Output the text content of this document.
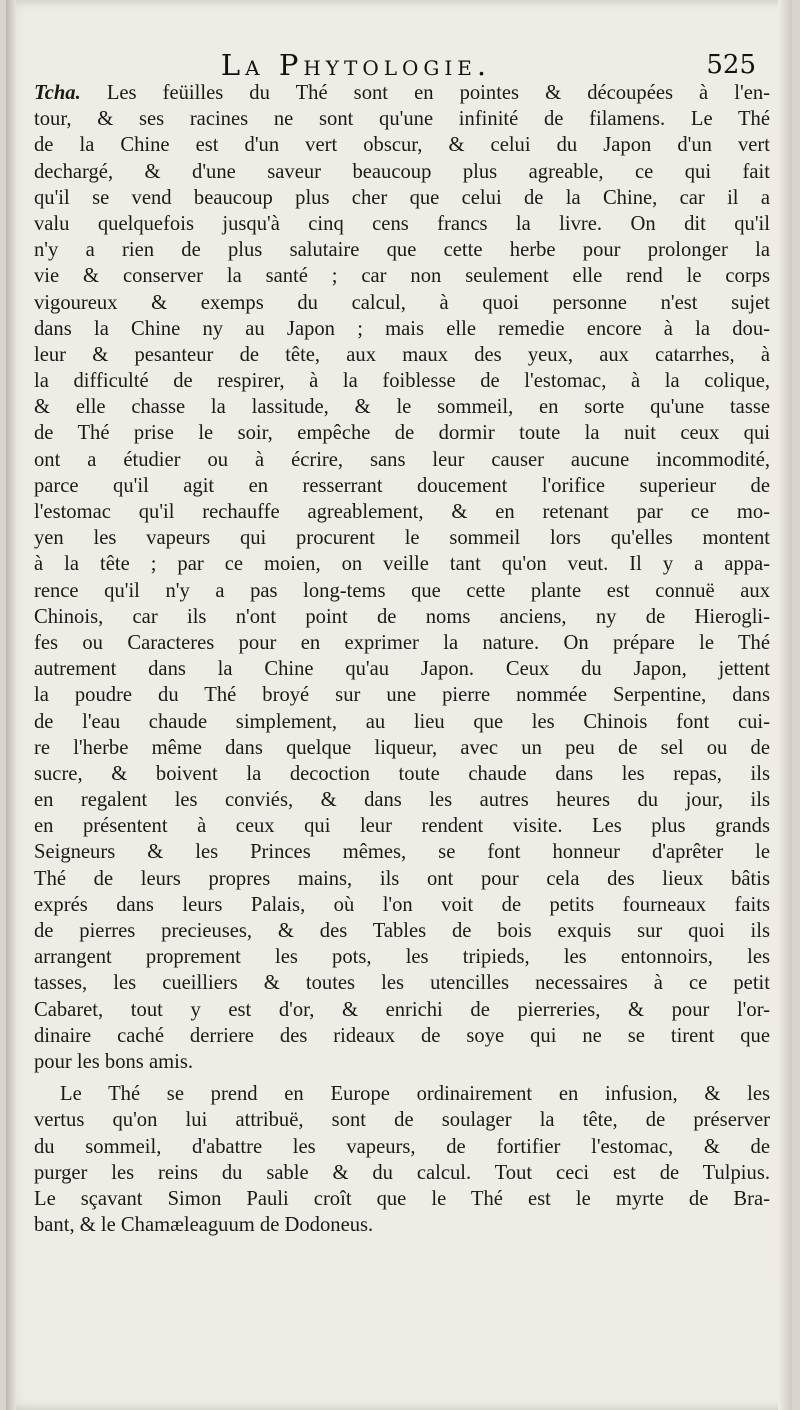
La Phytologie.	525
Tcha. Les feüilles du Thé sont en pointes & découpées à l'en-
tour, & ses racines ne sont qu'une infinité de filamens. Le Thé
de la Chine est d'un vert obscur, & celui du Japon d'un vert
dechargé, & d'une saveur beaucoup plus agreable, ce qui fait
qu'il se vend beaucoup plus cher que celui de la Chine, car il a
valu quelquefois jusqu'à cinq cens francs la livre. On dit qu'il
n'y a rien de plus salutaire que cette herbe pour prolonger la
vie & conserver la santé ; car non seulement elle rend le corps
vigoureux & exemps du calcul, à quoi personne n'est sujet
dans la Chine ny au Japon ; mais elle remedie encore à la dou-
leur & pesanteur de tête, aux maux des yeux, aux catarrhes, à
la difficulté de respirer, à la foiblesse de l'estomac, à la colique,
& elle chasse la lassitude, & le sommeil, en sorte qu'une tasse
de Thé prise le soir, empêche de dormir toute la nuit ceux qui
ont a étudier ou à écrire, sans leur causer aucune incommodité,
parce qu'il agit en resserrant doucement l'orifice superieur de
l'estomac qu'il rechauffe agreablement, & en retenant par ce mo-
yen les vapeurs qui procurent le sommeil lors qu'elles montent
à la tête ; par ce moien, on veille tant qu'on veut. Il y a appa-
rence qu'il n'y a pas long-tems que cette plante est connuë aux
Chinois, car ils n'ont point de noms anciens, ny de Hierogli-
fes ou Caracteres pour en exprimer la nature. On prépare le Thé
autrement dans la Chine qu'au Japon. Ceux du Japon, jettent
la poudre du Thé broyé sur une pierre nommée Serpentine, dans
de l'eau chaude simplement, au lieu que les Chinois font cui-
re l'herbe même dans quelque liqueur, avec un peu de sel ou de
sucre, & boivent la decoction toute chaude dans les repas, ils
en regalent les conviés, & dans les autres heures du jour, ils
en présentent à ceux qui leur rendent visite. Les plus grands
Seigneurs & les Princes mêmes, se font honneur d'aprêter le
Thé de leurs propres mains, ils ont pour cela des lieux bâtis
exprés dans leurs Palais, où l'on voit de petits fourneaux faits
de pierres precieuses, & des Tables de bois exquis sur quoi ils
arrangent proprement les pots, les tripieds, les entonnoirs, les
tasses, les cueilliers & toutes les utencilles necessaires à ce petit
Cabaret, tout y est d'or, & enrichi de pierreries, & pour l'or-
dinaire caché derriere des rideaux de soye qui ne se tirent que
pour les bons amis.
Le Thé se prend en Europe ordinairement en infusion, & les
vertus qu'on lui attribuë, sont de soulager la tête, de préserver
du sommeil, d'abattre les vapeurs, de fortifier l'estomac, & de
purger les reins du sable & du calcul. Tout ceci est de Tulpius.
Le sçavant Simon Pauli croît que le Thé est le myrte de Bra-
bant, & le Chamæleaguum de Dodoneus.
